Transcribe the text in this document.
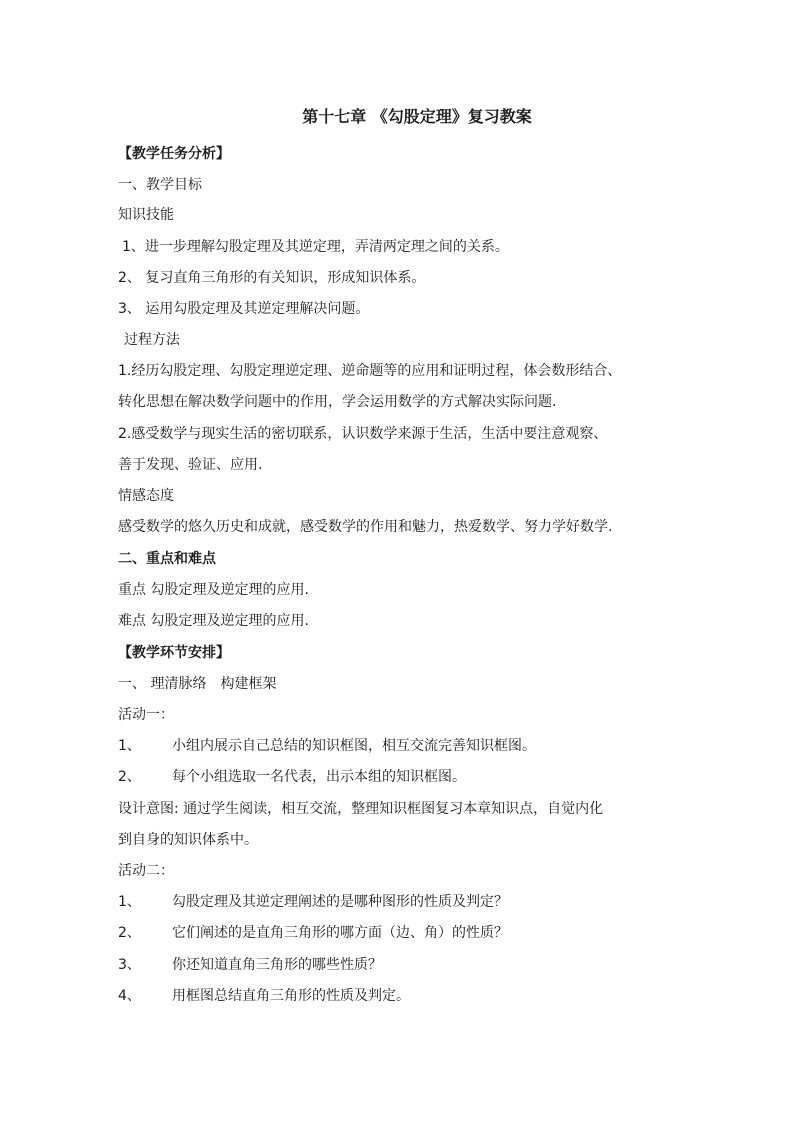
第十七章 《勾股定理》复习教案
【教学任务分析】
一、教学目标
知识技能
1、进一步理解勾股定理及其逆定理，弄清两定理之间的关系。
2、 复习直角三角形的有关知识，形成知识体系。
3、 运用勾股定理及其逆定理解决问题。
过程方法
1.经历勾股定理、勾股定理逆定理、逆命题等的应用和证明过程，体会数形结合、
转化思想在解决数学问题中的作用，学会运用数学的方式解决实际问题.
2.感受数学与现实生活的密切联系，认识数学来源于生活，生活中要注意观察、
善于发现、验证、应用.
情感态度
感受数学的悠久历史和成就，感受数学的作用和魅力，热爱数学、努力学好数学.
二、重点和难点
重点 勾股定理及逆定理的应用.
难点 勾股定理及逆定理的应用.
【教学环节安排】
一、 理清脉络　构建框架
活动一：
1、 小组内展示自己总结的知识框图，相互交流完善知识框图。
2、 每个小组选取一名代表，出示本组的知识框图。
设计意图: 通过学生阅读，相互交流，整理知识框图复习本章知识点，自觉内化
到自身的知识体系中。
活动二：
1、 勾股定理及其逆定理阐述的是哪种图形的性质及判定？
2、 它们阐述的是直角三角形的哪方面（边、角）的性质？
3、 你还知道直角三角形的哪些性质？
4、 用框图总结直角三角形的性质及判定。
